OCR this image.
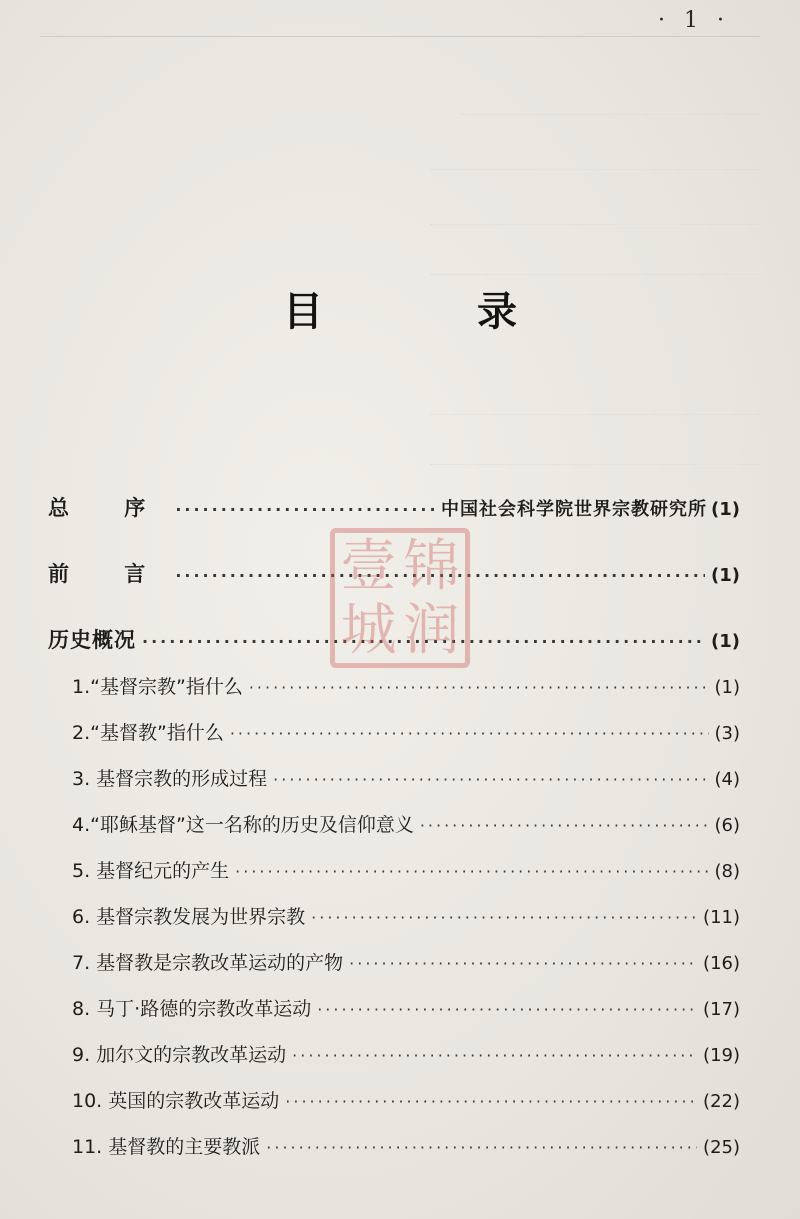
· 1 ·
目 录
总 序 ·····	中国社会科学院世界宗教研究所 (1)
前 言 ·····	(1)
历史概况 ·····	(1)
1.“基督宗教”指什么 ·····	(1)
2.“基督教”指什么 ·····	(3)
3. 基督宗教的形成过程 ·····	(4)
4.“耶稣基督”这一名称的历史及信仰意义 ·····	(6)
5. 基督纪元的产生 ·····	(8)
6. 基督宗教发展为世界宗教 ·····	(11)
7. 基督教是宗教改革运动的产物 ·····	(16)
8. 马丁·路德的宗教改革运动 ·····	(17)
9. 加尔文的宗教改革运动 ·····	(19)
10. 英国的宗教改革运动 ·····	(22)
11. 基督教的主要教派 ·····	(25)
壹 锦
城 润
